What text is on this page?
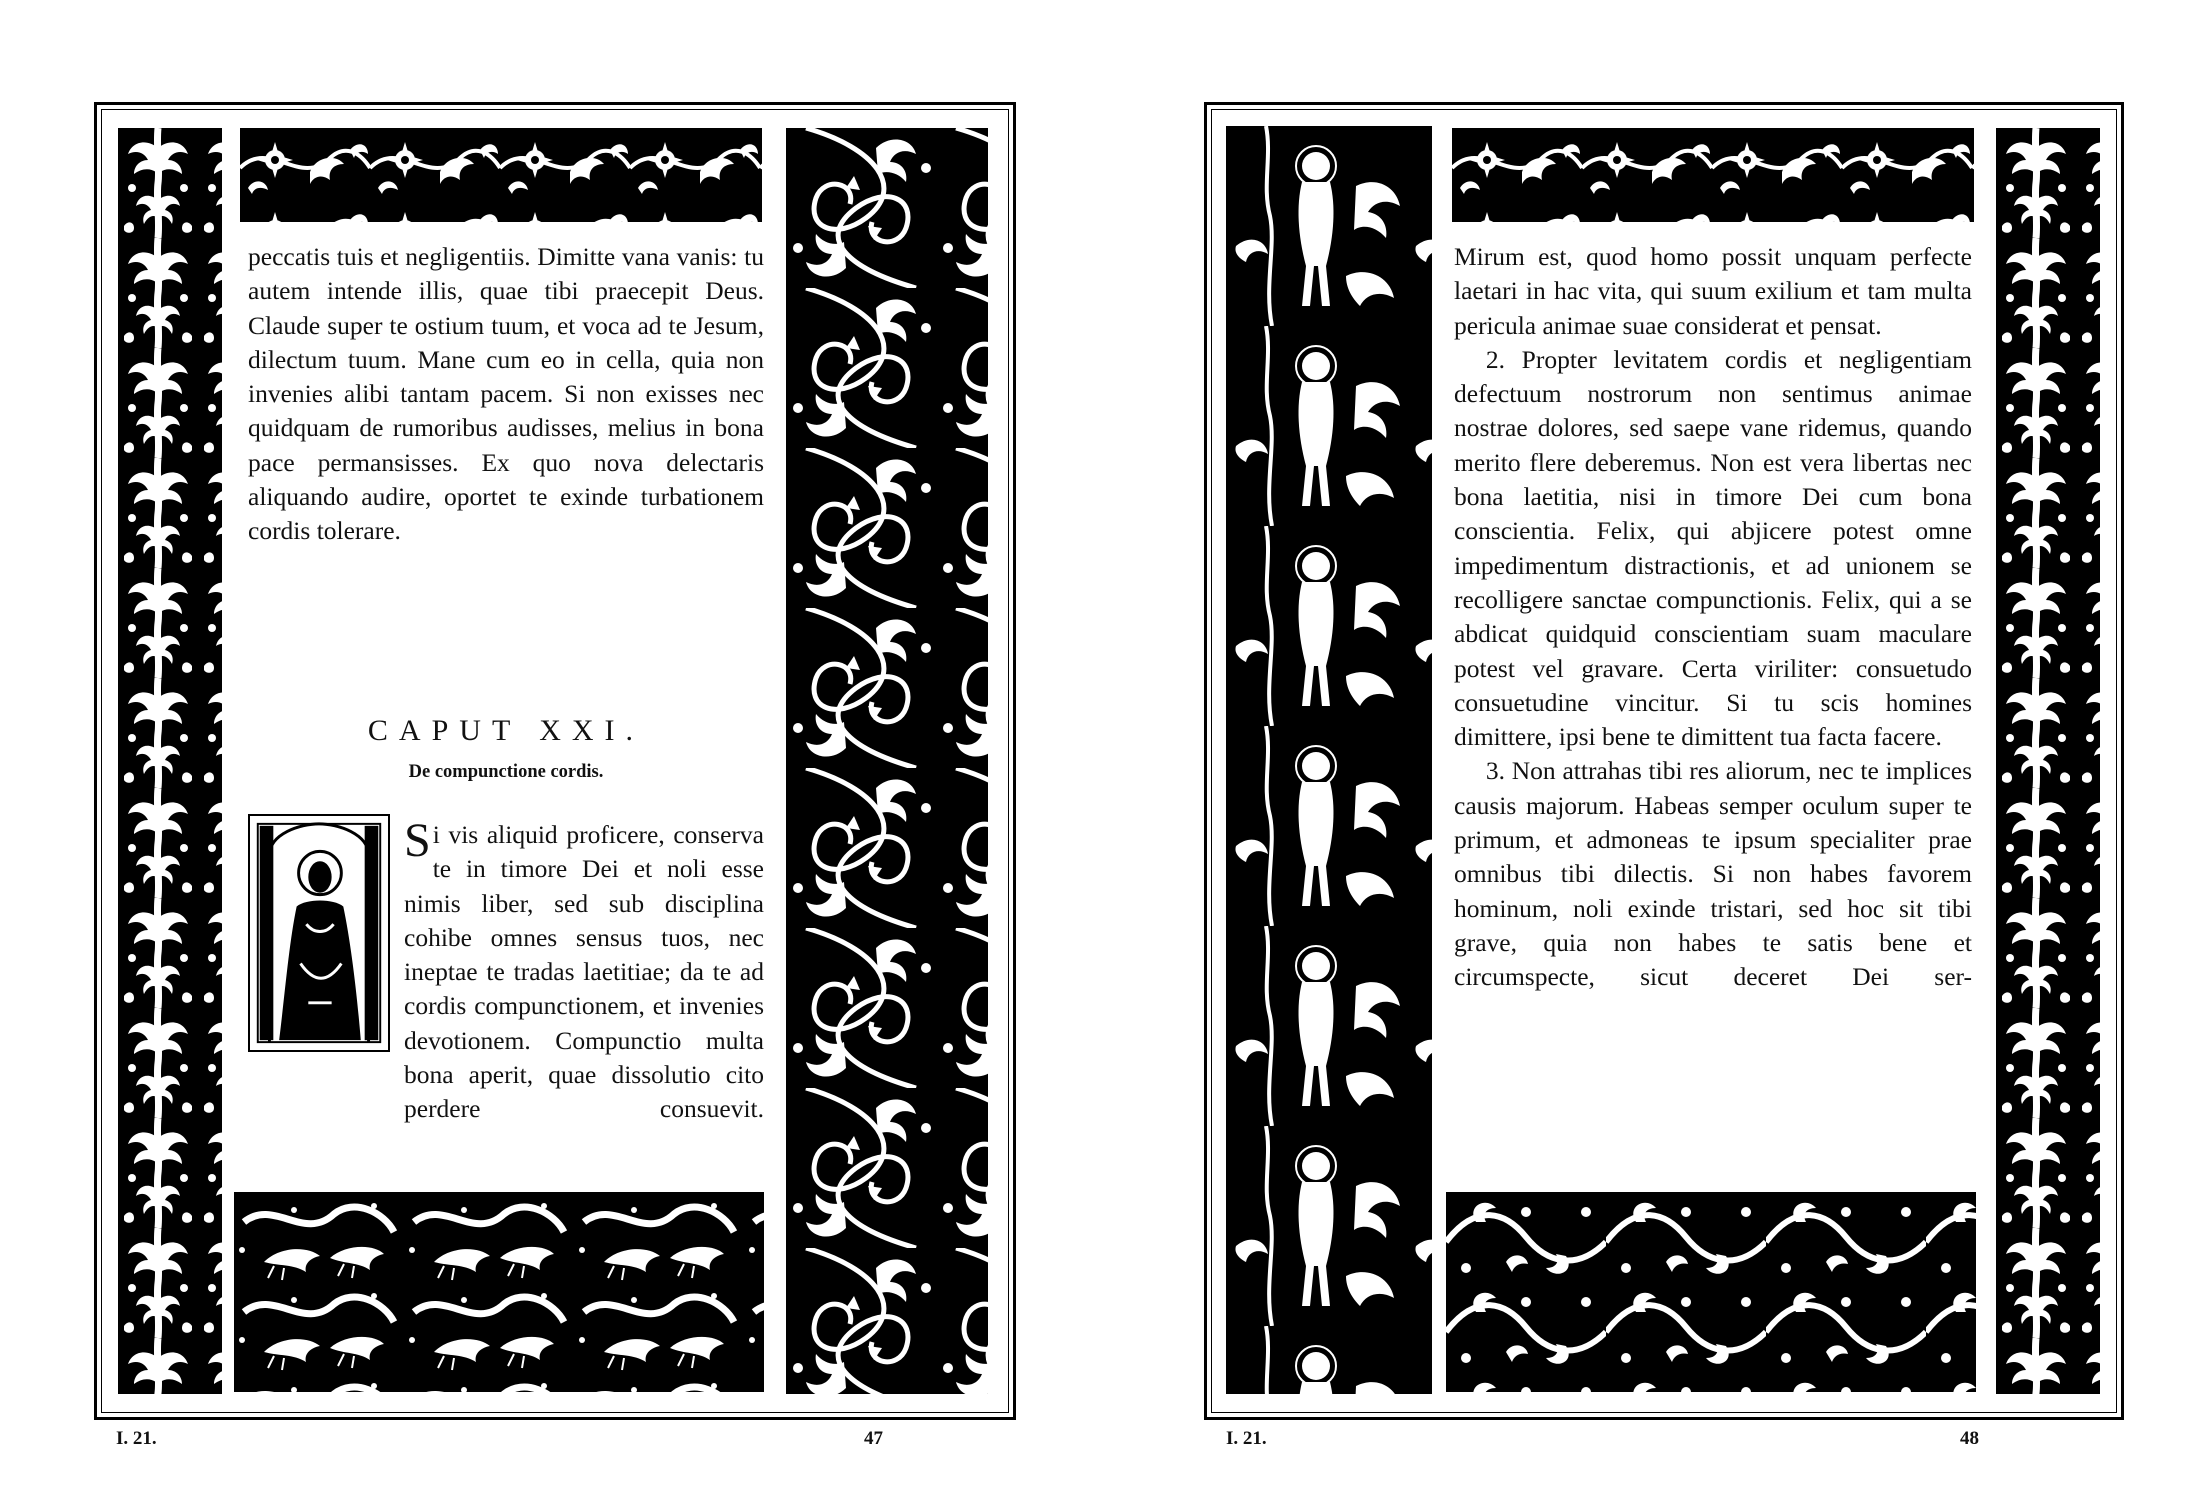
peccatis tuis et negligentiis. Dimitte vana vanis: tu autem intende illis, quae tibi praecepit Deus. Claude super te ostium tuum, et voca ad te Jesum, dilectum tuum. Mane cum eo in cella, quia non invenies alibi tantam pacem. Si non exisses nec quidquam de rumoribus audisses, melius in bona pace permansisses. Ex quo nova delectaris aliquando audire, oportet te exinde turbationem cordis tolerare.

CAPUT XXI.

De compunctione cordis.

Si vis aliquid proficere, conserva te in timore Dei et noli esse nimis liber, sed sub disciplina cohibe omnes sensus tuos, nec ineptae te tradas laetitiae; da te ad cordis compunctionem, et invenies devotionem. Compunctio multa bona aperit, quae dissolutio cito perdere consuevit.

I. 21.	47

Mirum est, quod homo possit unquam perfecte laetari in hac vita, qui suum exilium et tam multa pericula animae suae considerat et pensat.

2. Propter levitatem cordis et negligentiam defectuum nostrorum non sentimus animae nostrae dolores, sed saepe vane ridemus, quando merito flere deberemus. Non est vera libertas nec bona laetitia, nisi in timore Dei cum bona conscientia. Felix, qui abjicere potest omne impedimentum distractionis, et ad unionem se recolligere sanctae compunctionis. Felix, qui a se abdicat quidquid conscientiam suam maculare potest vel gravare. Certa viriliter: consuetudo consuetudine vincitur. Si tu scis homines dimittere, ipsi bene te dimittent tua facta facere.

3. Non attrahas tibi res aliorum, nec te implices causis majorum. Habeas semper oculum super te primum, et admoneas te ipsum specialiter prae omnibus tibi dilectis. Si non habes favorem hominum, noli exinde tristari, sed hoc sit tibi grave, quia non habes te satis bene et circumspecte, sicut deceret Dei ser-

I. 21.	48
